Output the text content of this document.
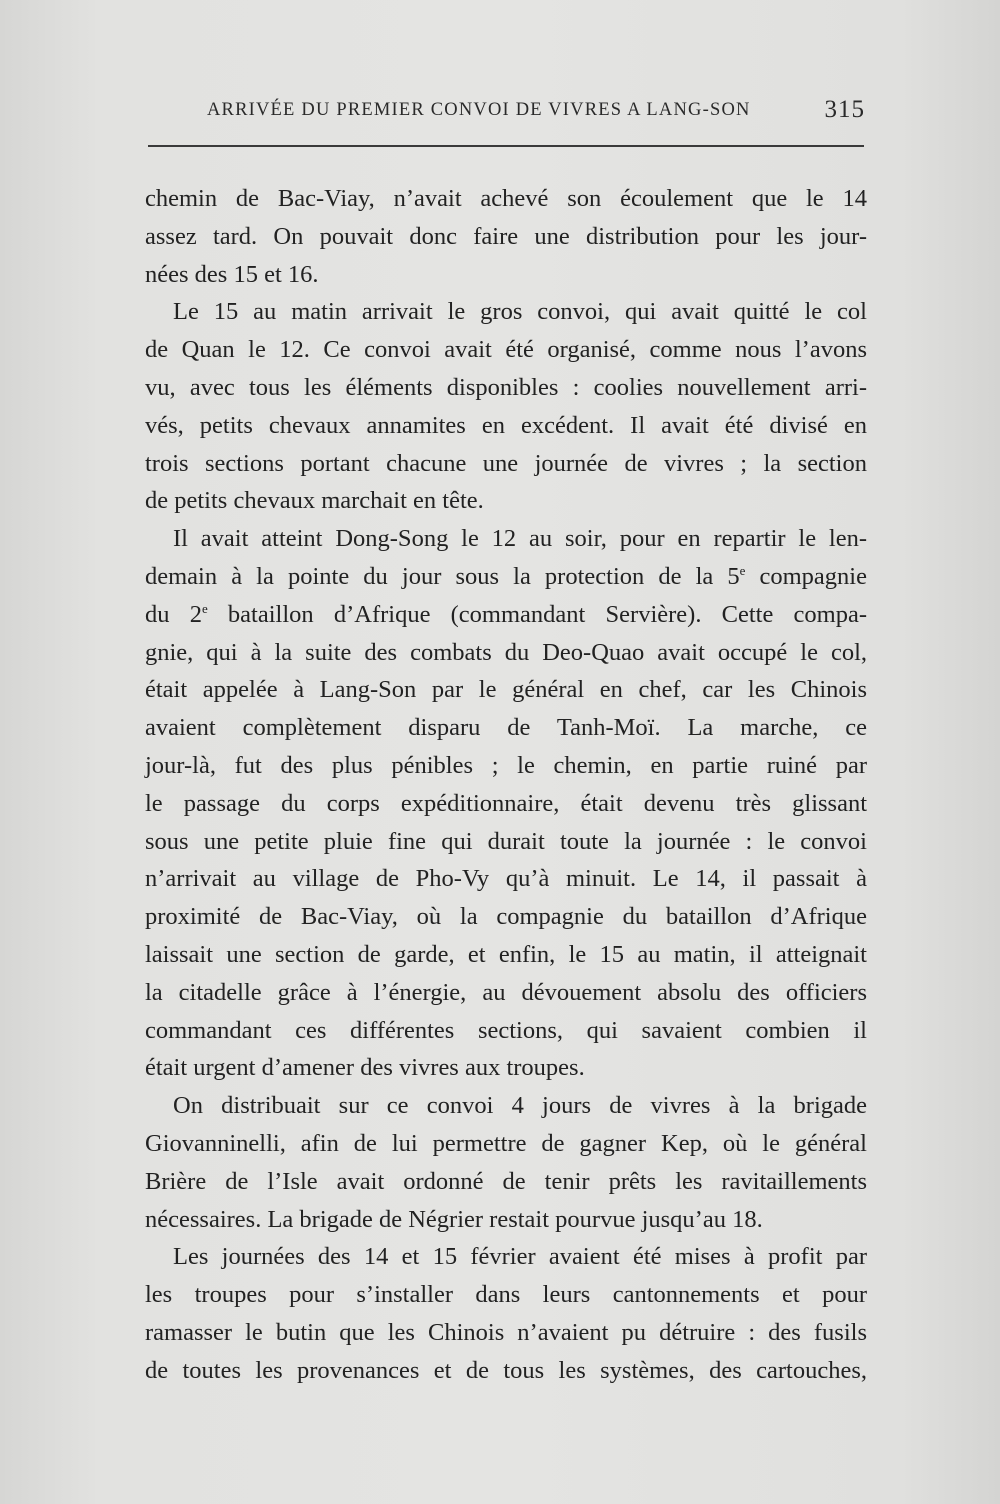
ARRIVÉE DU PREMIER CONVOI DE VIVRES A LANG-SON	315
chemin de Bac-Viay, n’avait achevé son écoulement que le 14
assez tard. On pouvait donc faire une distribution pour les jour-
nées des 15 et 16.
Le 15 au matin arrivait le gros convoi, qui avait quitté le col
de Quan le 12. Ce convoi avait été organisé, comme nous l’avons
vu, avec tous les éléments disponibles : coolies nouvellement arri-
vés, petits chevaux annamites en excédent. Il avait été divisé en
trois sections portant chacune une journée de vivres ; la section
de petits chevaux marchait en tête.
Il avait atteint Dong-Song le 12 au soir, pour en repartir le len-
demain à la pointe du jour sous la protection de la 5e compagnie
du 2e bataillon d’Afrique (commandant Servière). Cette compa-
gnie, qui à la suite des combats du Deo-Quao avait occupé le col,
était appelée à Lang-Son par le général en chef, car les Chinois
avaient complètement disparu de Tanh-Moï. La marche, ce
jour-là, fut des plus pénibles ; le chemin, en partie ruiné par
le passage du corps expéditionnaire, était devenu très glissant
sous une petite pluie fine qui durait toute la journée : le convoi
n’arrivait au village de Pho-Vy qu’à minuit. Le 14, il passait à
proximité de Bac-Viay, où la compagnie du bataillon d’Afrique
laissait une section de garde, et enfin, le 15 au matin, il atteignait
la citadelle grâce à l’énergie, au dévouement absolu des officiers
commandant ces différentes sections, qui savaient combien il
était urgent d’amener des vivres aux troupes.
On distribuait sur ce convoi 4 jours de vivres à la brigade
Giovanninelli, afin de lui permettre de gagner Kep, où le général
Brière de l’Isle avait ordonné de tenir prêts les ravitaillements
nécessaires. La brigade de Négrier restait pourvue jusqu’au 18.
Les journées des 14 et 15 février avaient été mises à profit par
les troupes pour s’installer dans leurs cantonnements et pour
ramasser le butin que les Chinois n’avaient pu détruire : des fusils
de toutes les provenances et de tous les systèmes, des cartouches,
